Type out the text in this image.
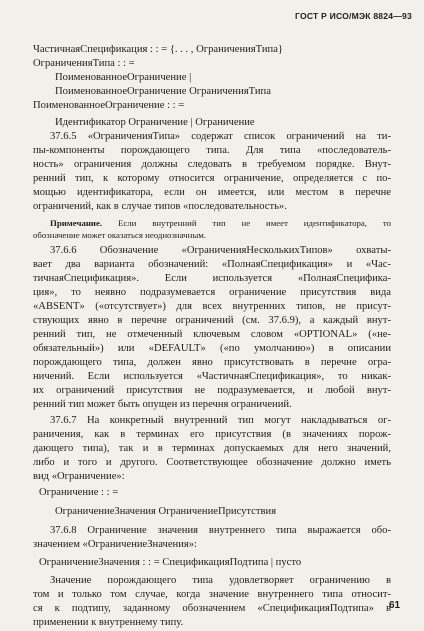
ГОСТ Р ИСО/МЭК 8824—93
ЧастичнаяСпецификация : : = {. . . , ОграниченияТипа}
ОграниченияТипа : : =
ПоименованноеОграничение |
ПоименованноеОграничение ОграниченияТипа
ПоименованноеОграничение : : =
Идентификатор Ограничение | Ограничение
37.6.5 «ОграниченияТипа» содержат список ограничений на ти-
пы-компоненты порождающего типа. Для типа «последователь-
ность» ограничения должны следовать в требуемом порядке. Внут-
ренний тип, к которому относится ограничение, определяется с по-
мощью идентификатора, если он имеется, или местом в перечне
ограничений, как в случае типов «последовательность».
Примечание. Если внутренний тип не имеет идентификатора, то
обозначение может оказаться неоднозначным.
37.6.6 Обозначение «ОграниченияНесколькихТипов» охваты-
вает два варианта обозначений: «ПолнаяСпецификация» и «Час-
тичнаяСпецификация». Если используется «ПолнаяСпецифика-
ция», то неявно подразумевается ограничение присутствия вида
«ABSENT» («отсутствует») для всех внутренних типов, не присут-
ствующих явно в перечне ограничений (см. 37.6.9), а каждый внут-
ренний тип, не отмеченный ключевым словом «OPTIONAL» («не-
обязательный») или «DEFAULT» («по умолчанию») в описании
порождающего типа, должен явно присутствовать в перечне огра-
ничений. Если используется «ЧастичнаяСпецификация», то никак-
их ограничений присутствия не подразумевается, и любой внут-
ренний тип может быть опущен из перечня ограничений.
37.6.7 На конкретный внутренний тип могут накладываться ог-
раничения, как в терминах его присутствия (в значениях порож-
дающего типа), так и в терминах допускаемых для него значений,
либо и того и другого. Соответствующее обозначение должно иметь
вид «Ограничение»:
Ограничение : : =
ОграничениеЗначения ОграничениеПрисутствия
37.6.8 Ограничение значения внутреннего типа выражается обо-
значением «ОграничениеЗначения»:
ОграничениеЗначения : : = СпецификацияПодтипа | пусто
Значение порождающего типа удовлетворяет ограничению в
том и только том случае, когда значение внутреннего типа относит-
ся к подтипу, заданному обозначением «СпецификацияПодтипа» в
применении к внутреннему типу.
61
